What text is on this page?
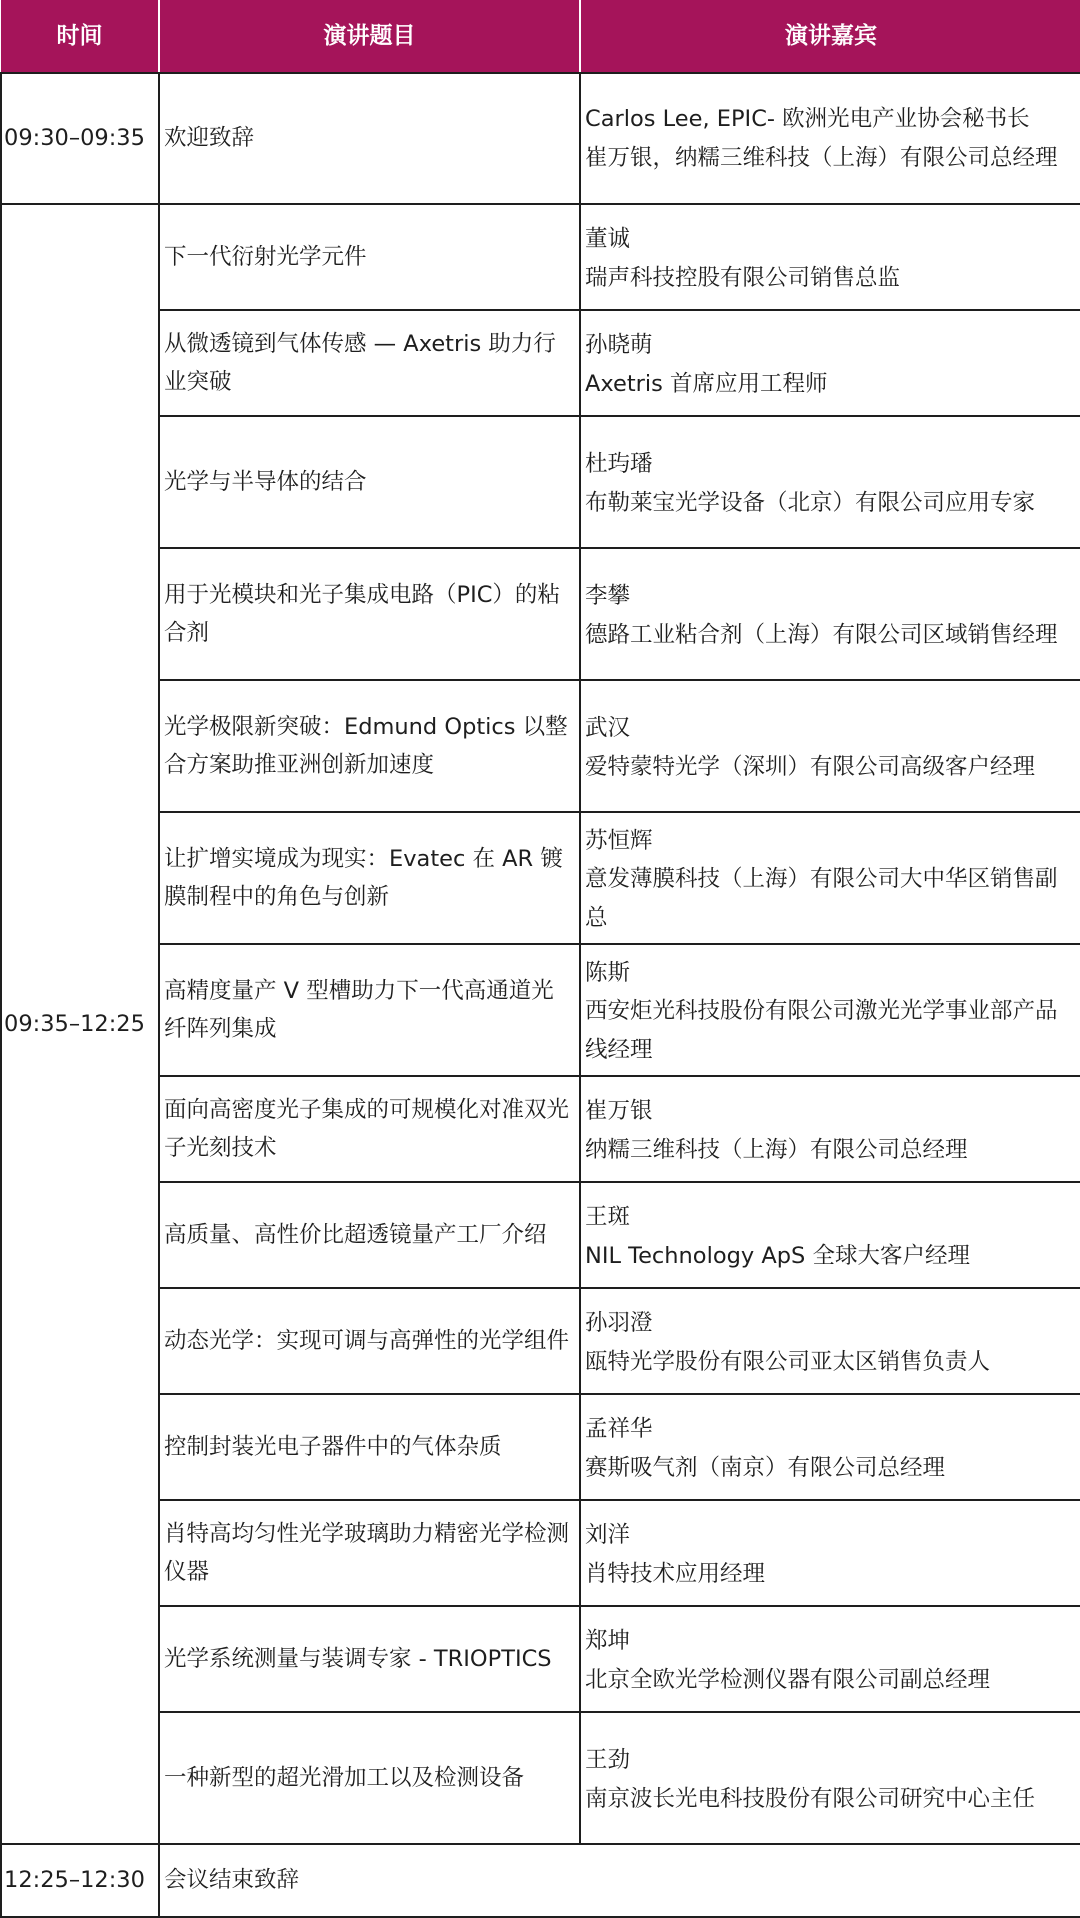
时间	演讲题目	演讲嘉宾
09:30–09:35	欢迎致辞	Carlos Lee, EPIC- 欧洲光电产业协会秘书长
崔万银，纳糯三维科技（上海）有限公司总经理

09:35–12:25	下一代衍射光学元件	董诚
瑞声科技控股有限公司销售总监

	从微透镜到气体传感 — Axetris 助力行业突破	孙晓萌
Axetris 首席应用工程师

	光学与半导体的结合	杜玙璠
布勒莱宝光学设备（北京）有限公司应用专家

	用于光模块和光子集成电路（PIC）的粘合剂	李攀
德路工业粘合剂（上海）有限公司区域销售经理

	光学极限新突破：Edmund Optics 以整合方案助推亚洲创新加速度	武汉
爱特蒙特光学（深圳）有限公司高级客户经理

	让扩增实境成为现实：Evatec 在 AR 镀膜制程中的角色与创新	苏恒辉
意发薄膜科技（上海）有限公司大中华区销售副总

	高精度量产 V 型槽助力下一代高通道光纤阵列集成	陈斯
西安炬光科技股份有限公司激光光学事业部产品线经理

	面向高密度光子集成的可规模化对准双光子光刻技术	崔万银
纳糯三维科技（上海）有限公司总经理

	高质量、高性价比超透镜量产工厂介绍	王斑
NIL Technology ApS 全球大客户经理

	动态光学：实现可调与高弹性的光学组件	孙羽澄
瓯特光学股份有限公司亚太区销售负责人

	控制封装光电子器件中的气体杂质	孟祥华
赛斯吸气剂（南京）有限公司总经理

	肖特高均匀性光学玻璃助力精密光学检测仪器	刘洋
肖特技术应用经理

	光学系统测量与装调专家 - TRIOPTICS	郑坤
北京全欧光学检测仪器有限公司副总经理

	一种新型的超光滑加工以及检测设备	王劲
南京波长光电科技股份有限公司研究中心主任

12:25–12:30	会议结束致辞	
